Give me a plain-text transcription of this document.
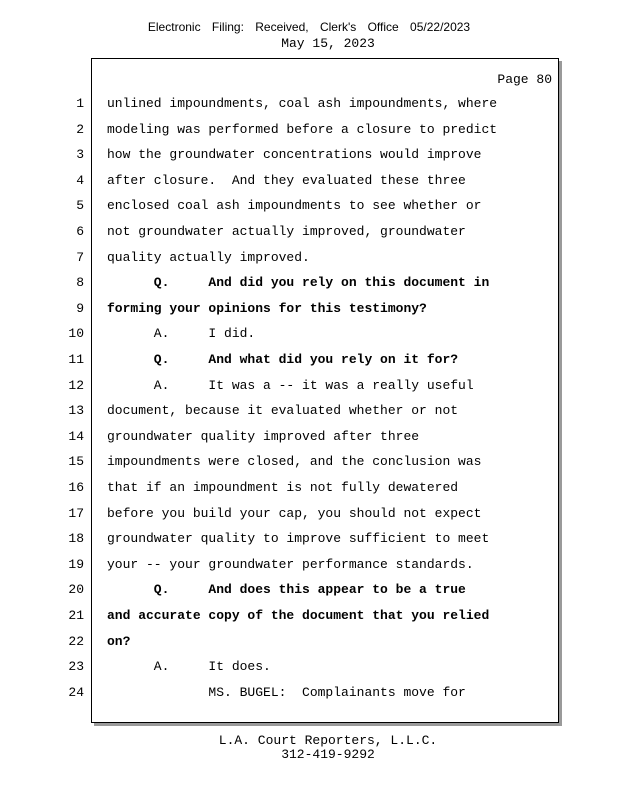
Electronic Filing: Received, Clerk's Office 05/22/2023
May 15, 2023
Page 80
1 unlined impoundments, coal ash impoundments, where
2 modeling was performed before a closure to predict
3 how the groundwater concentrations would improve
4 after closure.  And they evaluated these three
5 enclosed coal ash impoundments to see whether or
6 not groundwater actually improved, groundwater
7 quality actually improved.
8 Q.     And did you rely on this document in
9 forming your opinions for this testimony?
10 A.     I did.
11 Q.     And what did you rely on it for?
12 A.     It was a -- it was a really useful
13 document, because it evaluated whether or not
14 groundwater quality improved after three
15 impoundments were closed, and the conclusion was
16 that if an impoundment is not fully dewatered
17 before you build your cap, you should not expect
18 groundwater quality to improve sufficient to meet
19 your -- your groundwater performance standards.
20 Q.     And does this appear to be a true
21 and accurate copy of the document that you relied
22 on?
23 A.     It does.
24 MS. BUGEL:  Complainants move for
L.A. Court Reporters, L.L.C.
312-419-9292
